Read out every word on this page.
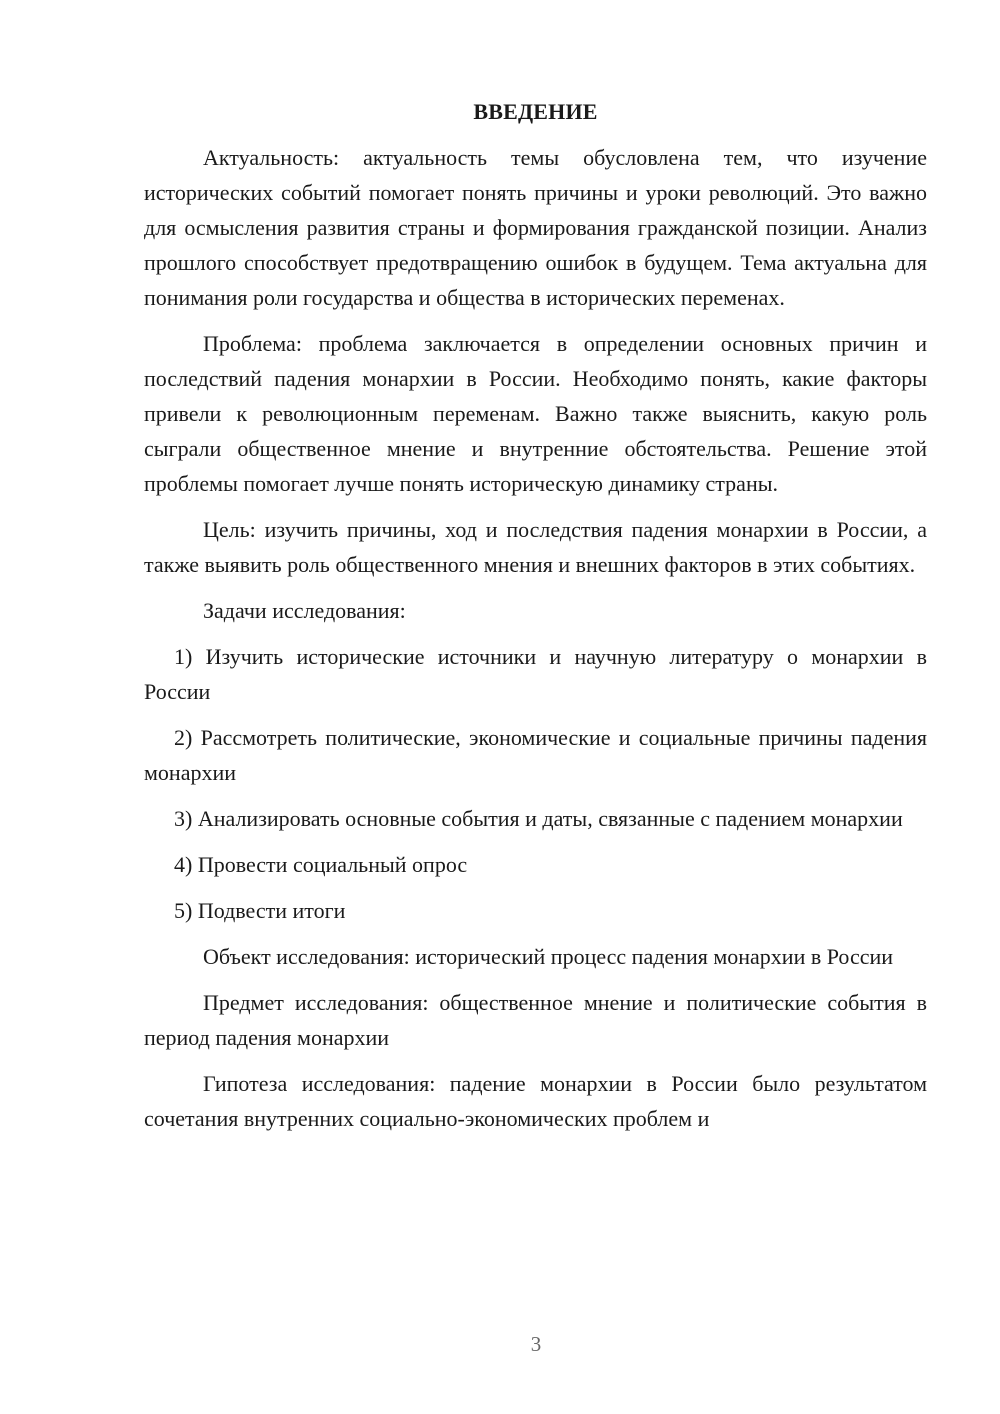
ВВЕДЕНИЕ

Актуальность: актуальность темы обусловлена тем, что изучение исторических событий помогает понять причины и уроки революций. Это важно для осмысления развития страны и формирования гражданской позиции. Анализ прошлого способствует предотвращению ошибок в будущем. Тема актуальна для понимания роли государства и общества в исторических переменах.

Проблема: проблема заключается в определении основных причин и последствий падения монархии в России. Необходимо понять, какие факторы привели к революционным переменам. Важно также выяснить, какую роль сыграли общественное мнение и внутренние обстоятельства. Решение этой проблемы помогает лучше понять историческую динамику страны.

Цель: изучить причины, ход и последствия падения монархии в России, а также выявить роль общественного мнения и внешних факторов в этих событиях.

Задачи исследования:

1) Изучить исторические источники и научную литературу о монархии в России

2) Рассмотреть политические, экономические и социальные причины падения монархии

3) Анализировать основные события и даты, связанные с падением монархии

4) Провести социальный опрос

5) Подвести итоги

Объект исследования: исторический процесс падения монархии в России

Предмет исследования: общественное мнение и политические события в период падения монархии

Гипотеза исследования: падение монархии в России было результатом сочетания внутренних социально-экономических проблем и

3
